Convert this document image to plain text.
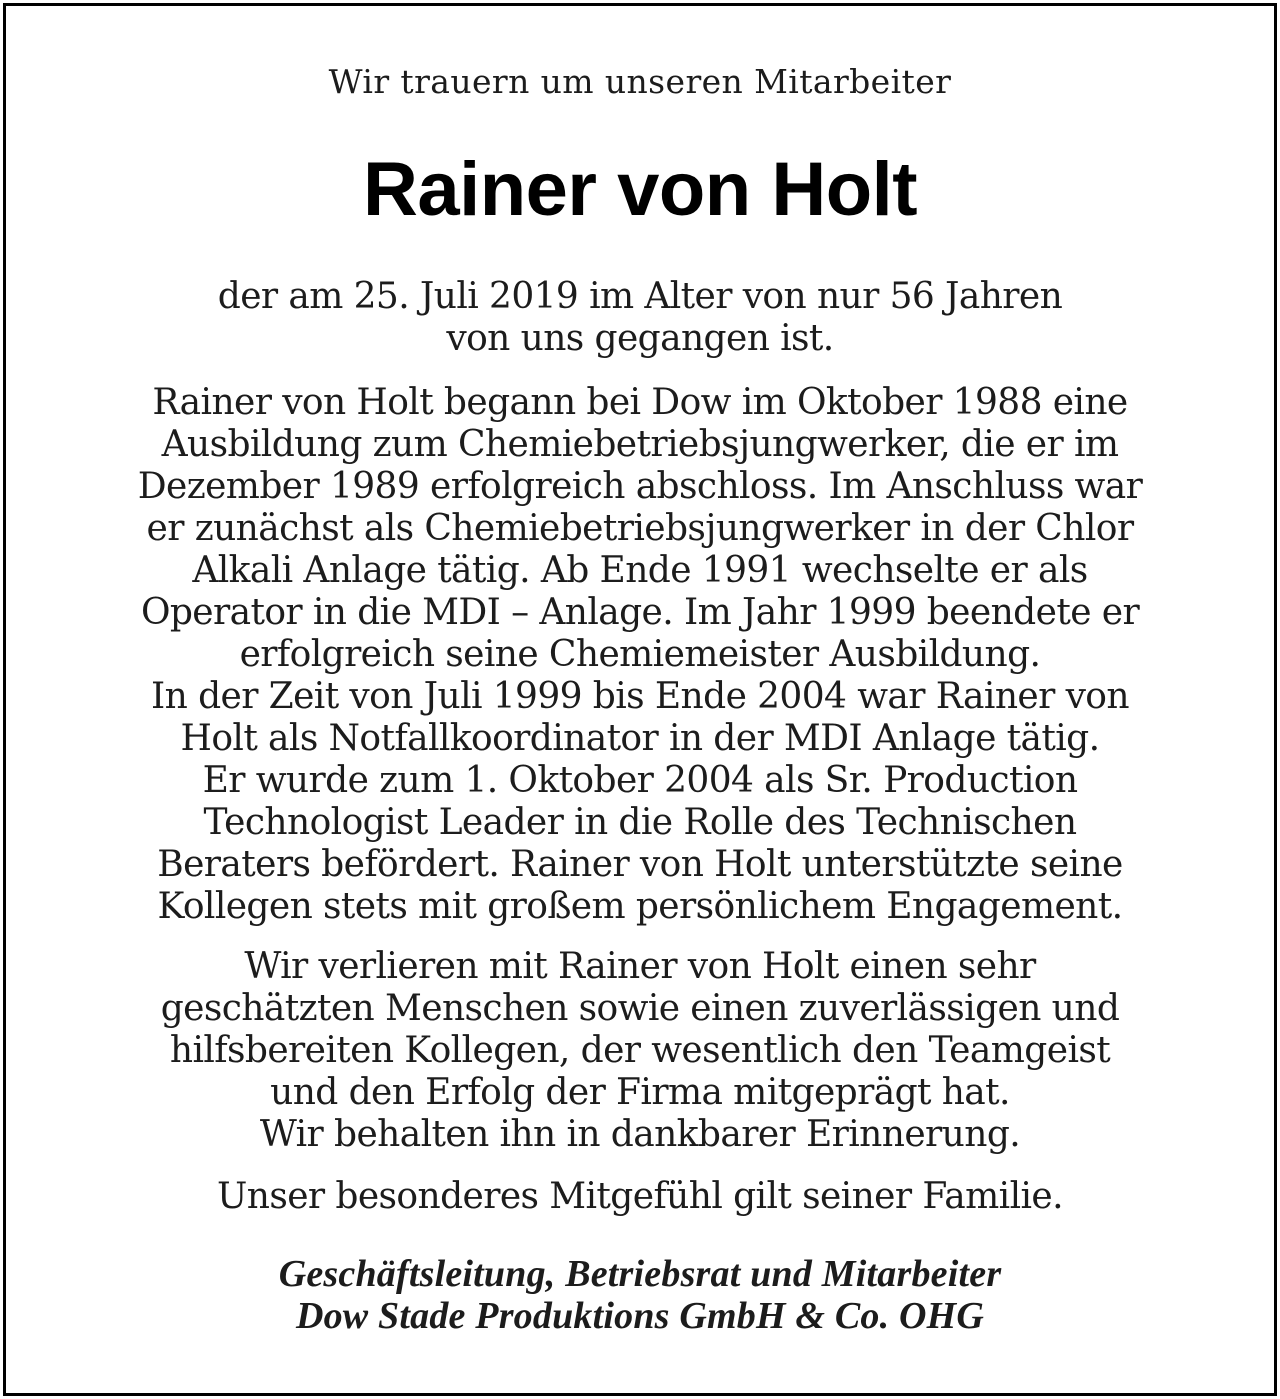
Wir trauern um unseren Mitarbeiter

Rainer von Holt

der am 25. Juli 2019 im Alter von nur 56 Jahren
von uns gegangen ist.

Rainer von Holt begann bei Dow im Oktober 1988 eine
Ausbildung zum Chemiebetriebsjungwerker, die er im
Dezember 1989 erfolgreich abschloss. Im Anschluss war
er zunächst als Chemiebetriebsjungwerker in der Chlor
Alkali Anlage tätig. Ab Ende 1991 wechselte er als
Operator in die MDI – Anlage. Im Jahr 1999 beendete er
erfolgreich seine Chemiemeister Ausbildung.
In der Zeit von Juli 1999 bis Ende 2004 war Rainer von
Holt als Notfallkoordinator in der MDI Anlage tätig.
Er wurde zum 1. Oktober 2004 als Sr. Production
Technologist Leader in die Rolle des Technischen
Beraters befördert. Rainer von Holt unterstützte seine
Kollegen stets mit großem persönlichem Engagement.

Wir verlieren mit Rainer von Holt einen sehr
geschätzten Menschen sowie einen zuverlässigen und
hilfsbereiten Kollegen, der wesentlich den Teamgeist
und den Erfolg der Firma mitgeprägt hat.
Wir behalten ihn in dankbarer Erinnerung.

Unser besonderes Mitgefühl gilt seiner Familie.

Geschäftsleitung, Betriebsrat und Mitarbeiter
Dow Stade Produktions GmbH & Co. OHG
